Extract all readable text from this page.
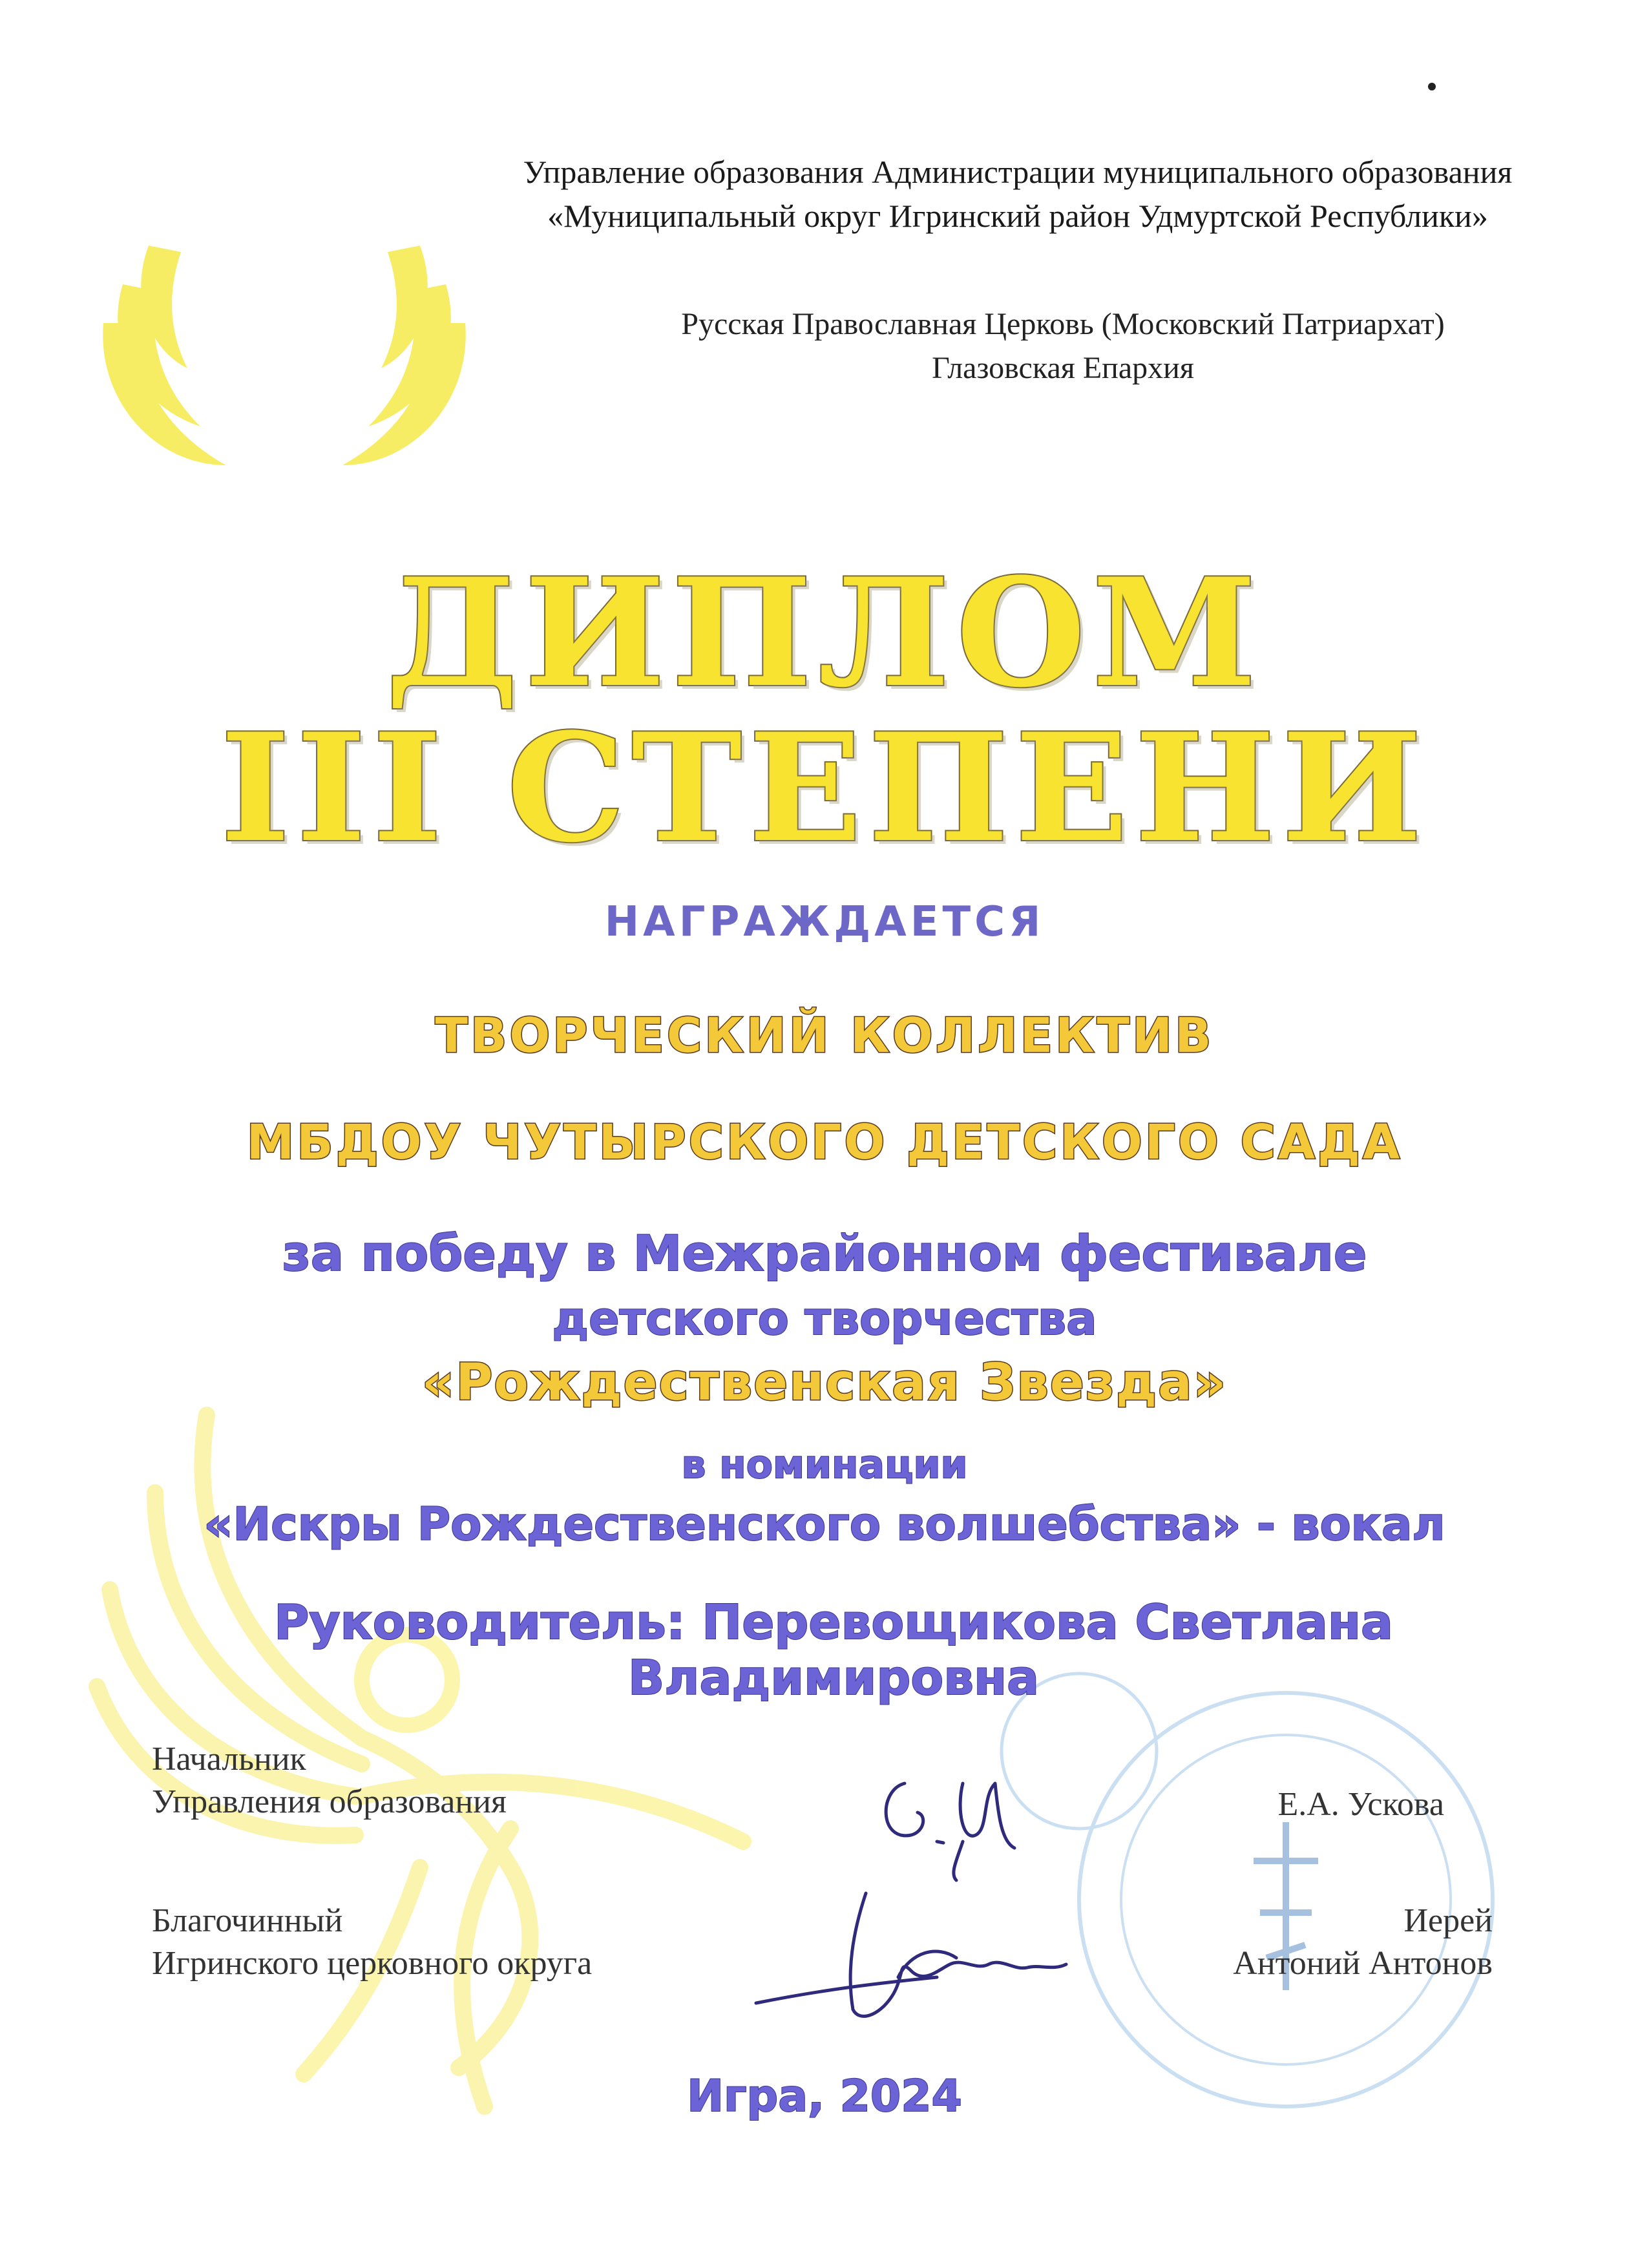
Управление образования Администрации муниципального образования
«Муниципальный округ Игринский район Удмуртской Республики»
Русская Православная Церковь (Московский Патриархат)
Глазовская Епархия
ДИПЛОМ
III СТЕПЕНИ
НАГРАЖДАЕТСЯ
ТВОРЧЕСКИЙ КОЛЛЕКТИВ
МБДОУ ЧУТЫРСКОГО ДЕТСКОГО САДА
за победу в Межрайонном фестивале
детского творчества
«Рождественская Звезда»
в номинации
«Искры Рождественского волшебства» - вокал
Руководитель: Перевощикова Светлана Владимировна
Начальник
Управления образования	Е.А. Ускова
Благочинный
Игринского церковного округа
Иерей
Антоний Антонов
Игра, 2024
